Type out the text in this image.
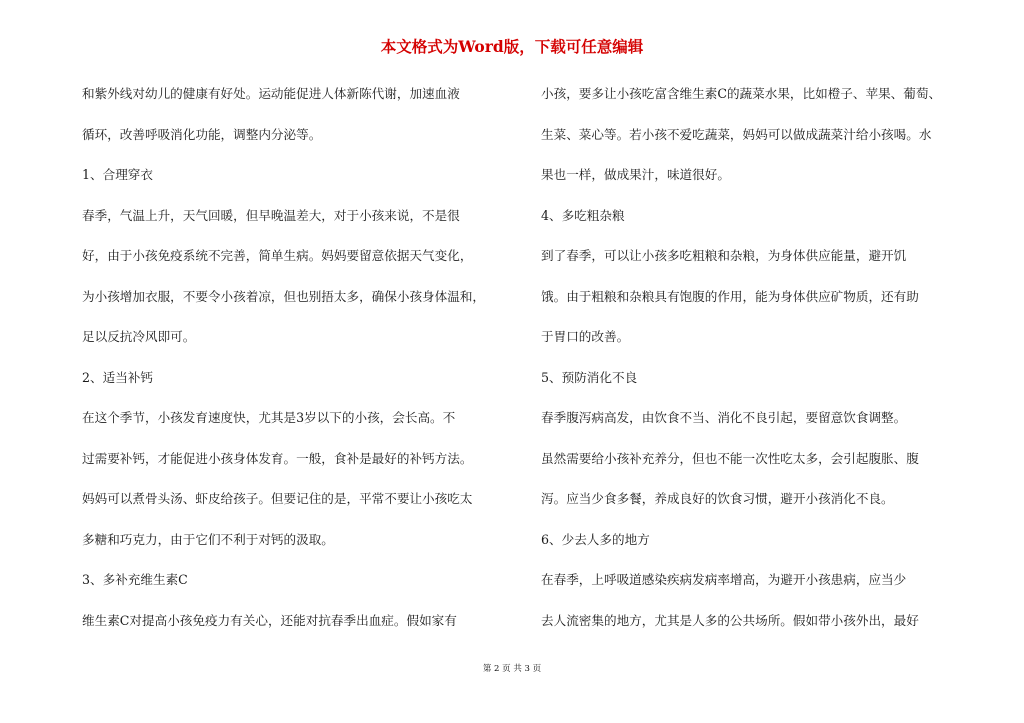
本文格式为Word版，下载可任意编辑
和紫外线对幼儿的健康有好处。运动能促进人体新陈代谢，加速血液
循环，改善呼吸消化功能，调整内分泌等。
1、合理穿衣
春季，气温上升，天气回暖，但早晚温差大，对于小孩来说，不是很
好，由于小孩免疫系统不完善，简单生病。妈妈要留意依据天气变化，
为小孩增加衣服，不要令小孩着凉，但也别捂太多，确保小孩身体温和，
足以反抗冷风即可。
2、适当补钙
在这个季节，小孩发育速度快，尤其是3岁以下的小孩，会长高。不
过需要补钙，才能促进小孩身体发育。一般，食补是最好的补钙方法。
妈妈可以煮骨头汤、虾皮给孩子。但要记住的是，平常不要让小孩吃太
多糖和巧克力，由于它们不利于对钙的汲取。
3、多补充维生素C
维生素C对提高小孩免疫力有关心，还能对抗春季出血症。假如家有
小孩，要多让小孩吃富含维生素C的蔬菜水果，比如橙子、苹果、葡萄、
生菜、菜心等。若小孩不爱吃蔬菜，妈妈可以做成蔬菜汁给小孩喝。水
果也一样，做成果汁，味道很好。
4、多吃粗杂粮
到了春季，可以让小孩多吃粗粮和杂粮，为身体供应能量，避开饥
饿。由于粗粮和杂粮具有饱腹的作用，能为身体供应矿物质，还有助
于胃口的改善。
5、预防消化不良
春季腹泻病高发，由饮食不当、消化不良引起，要留意饮食调整。
虽然需要给小孩补充养分，但也不能一次性吃太多，会引起腹胀、腹
泻。应当少食多餐，养成良好的饮食习惯，避开小孩消化不良。
6、少去人多的地方
在春季，上呼吸道感染疾病发病率增高，为避开小孩患病，应当少
去人流密集的地方，尤其是人多的公共场所。假如带小孩外出，最好
第 2 页 共 3 页
